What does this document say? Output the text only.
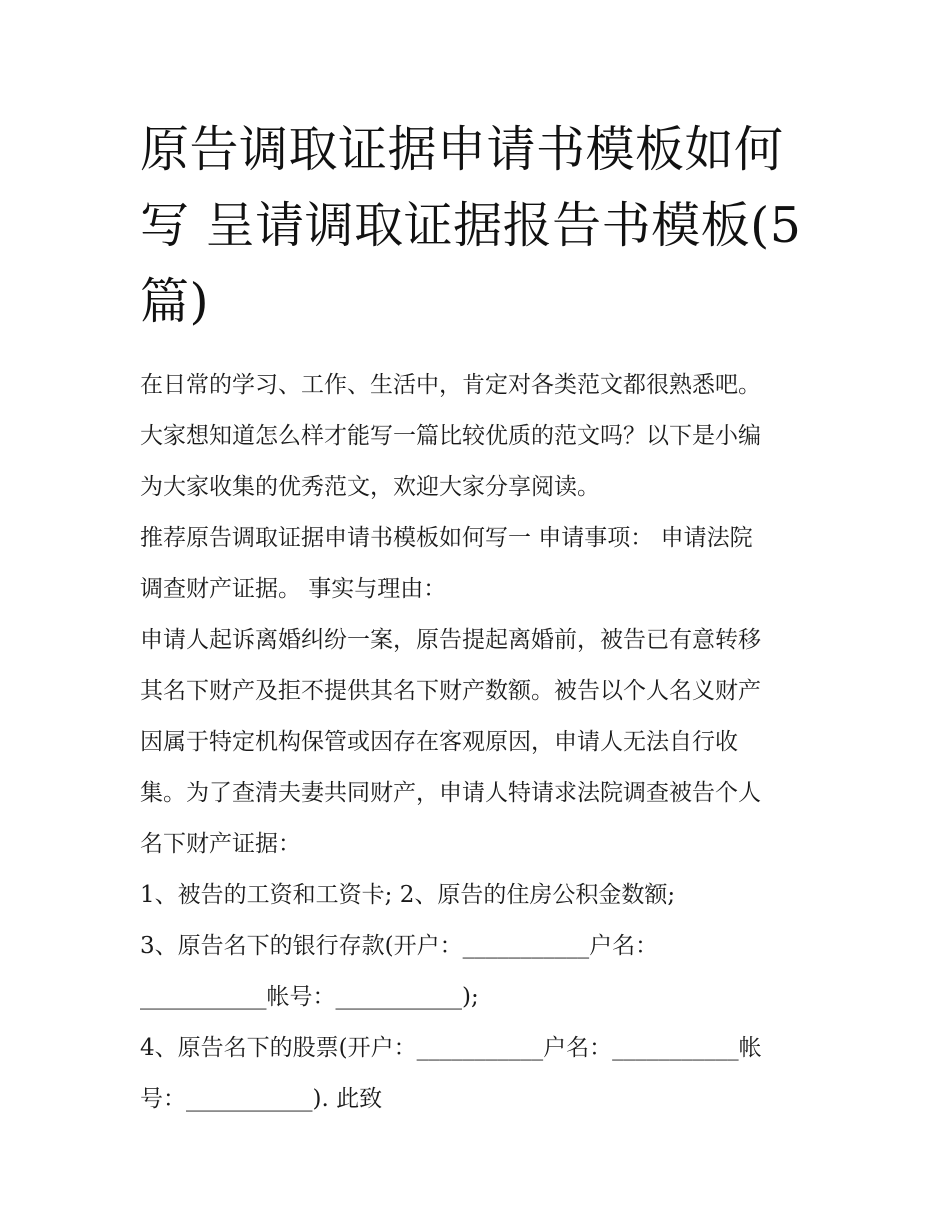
原告调取证据申请书模板如何
写 呈请调取证据报告书模板(5
篇)
在日常的学习、工作、生活中，肯定对各类范文都很熟悉吧。
大家想知道怎么样才能写一篇比较优质的范文吗？以下是小编
为大家收集的优秀范文，欢迎大家分享阅读。
推荐原告调取证据申请书模板如何写一 申请事项： 申请法院
调查财产证据。 事实与理由：
申请人起诉离婚纠纷一案，原告提起离婚前，被告已有意转移
其名下财产及拒不提供其名下财产数额。被告以个人名义财产
因属于特定机构保管或因存在客观原因，申请人无法自行收
集。为了查清夫妻共同财产，申请人特请求法院调查被告个人
名下财产证据：
1、被告的工资和工资卡; 2、原告的住房公积金数额;
3、原告名下的银行存款(开户：___________户名：
___________帐号：___________);
4、原告名下的股票(开户：___________户名：___________帐
号：___________). 此致
